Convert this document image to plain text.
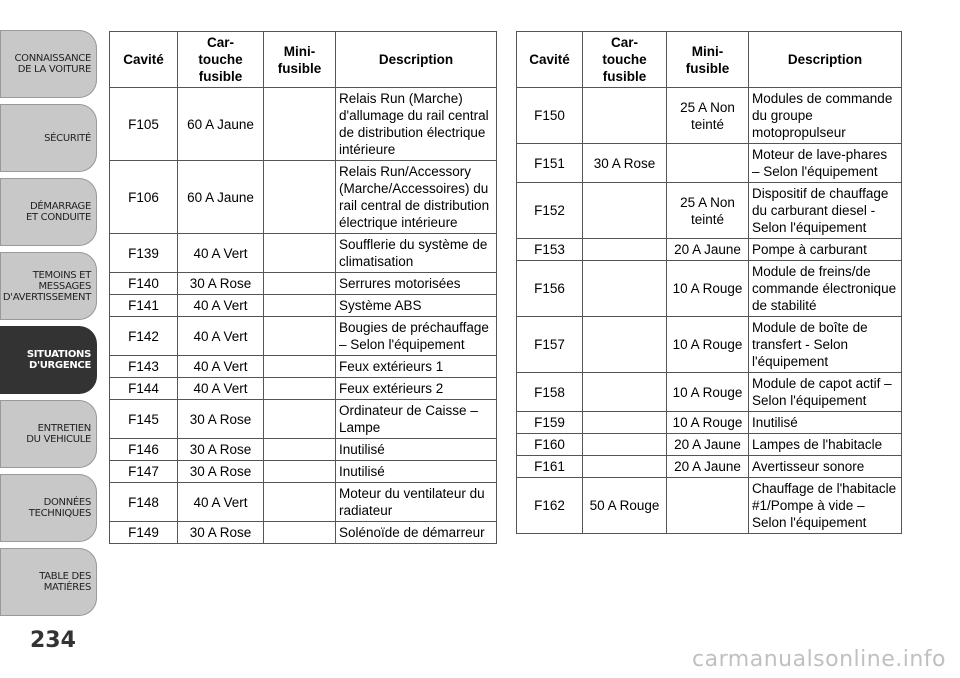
CONNAISSANCE
DE LA VOITURE
SÉCURITÉ
DÉMARRAGE
ET CONDUITE
TEMOINS ET
MESSAGES
D'AVERTISSEMENT
SITUATIONS
D'URGENCE
ENTRETIEN
DU VEHICULE
DONNÉES
TECHNIQUES
TABLE DES
MATIÈRES
234
Cavité	Car-
touche
fusible	Mini-
fusible	Description
F105	60 A Jaune		Relais Run (Marche) d'allumage du rail central de distribution électrique intérieure
F106	60 A Jaune		Relais Run/Accessory (Marche/Accessoires) du rail central de distribution électrique intérieure
F139	40 A Vert		Soufflerie du système de climatisation
F140	30 A Rose		Serrures motorisées
F141	40 A Vert		Système ABS
F142	40 A Vert		Bougies de préchauffage – Selon l'équipement
F143	40 A Vert		Feux extérieurs 1
F144	40 A Vert		Feux extérieurs 2
F145	30 A Rose		Ordinateur de Caisse – Lampe
F146	30 A Rose		Inutilisé
F147	30 A Rose		Inutilisé
F148	40 A Vert		Moteur du ventilateur du radiateur
F149	30 A Rose		Solénoïde de démarreur
Cavité	Car-
touche
fusible	Mini-
fusible	Description
F150		25 A Non teinté	Modules de commande du groupe motopropulseur
F151	30 A Rose		Moteur de lave-phares – Selon l'équipement
F152		25 A Non teinté	Dispositif de chauffage du carburant diesel - Selon l'équipement
F153		20 A Jaune	Pompe à carburant
F156		10 A Rouge	Module de freins/de commande électronique de stabilité
F157		10 A Rouge	Module de boîte de transfert - Selon l'équipement
F158		10 A Rouge	Module de capot actif – Selon l'équipement
F159		10 A Rouge	Inutilisé
F160		20 A Jaune	Lampes de l'habitacle
F161		20 A Jaune	Avertisseur sonore
F162	50 A Rouge		Chauffage de l'habitacle #1/Pompe à vide – Selon l'équipement
carmanualsonline.info
